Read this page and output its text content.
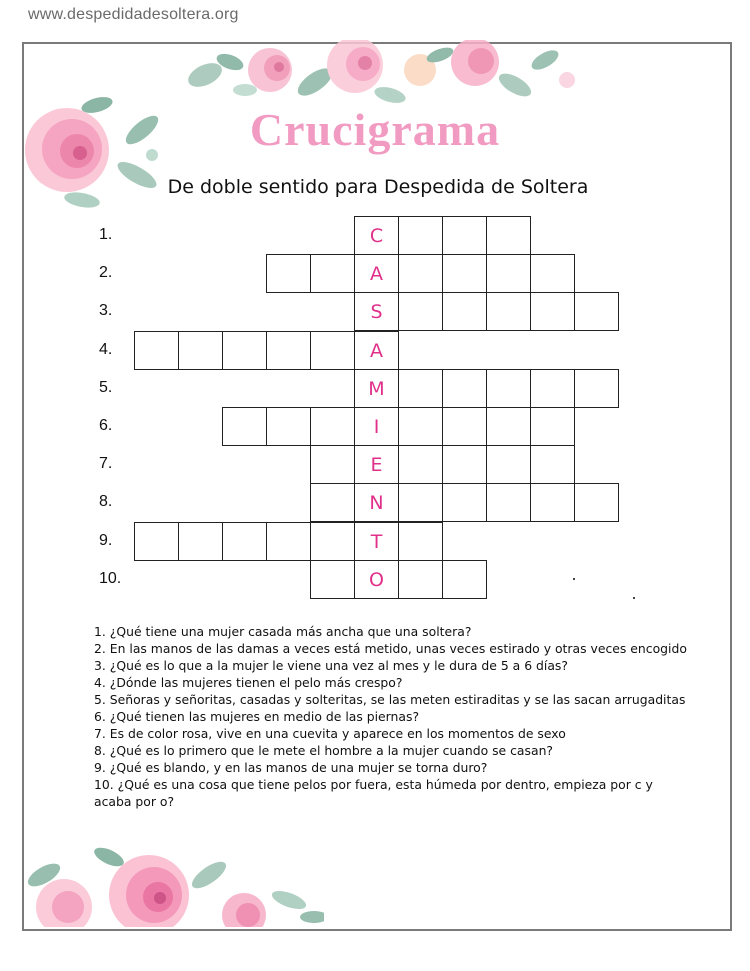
www.despedidadesoltera.org
Crucigrama
De doble sentido para Despedida de Soltera
1.	C
2.	A
3.	S
4.	A
5.	M
6.	I
7.	E
8.	N
9.	T
10.	O

1. ¿Qué tiene una mujer casada más ancha que una soltera?

2. En las manos de las damas a veces está metido, unas veces estirado y otras veces encogido

3. ¿Qué es lo que a la mujer le viene una vez al mes y le dura de 5 a 6 días?

4. ¿Dónde las mujeres tienen el pelo más crespo?

5. Señoras y señoritas, casadas y solteritas, se las meten estiraditas y se las sacan arrugaditas

6. ¿Qué tienen las mujeres en medio de las piernas?

7. Es de color rosa, vive en una cuevita y aparece en los momentos de sexo

8. ¿Qué es lo primero que le mete el hombre a la mujer cuando se casan?

9. ¿Qué es blando, y en las manos de una mujer se torna duro?

10. ¿Qué es una cosa que tiene pelos por fuera, esta húmeda por dentro, empieza por c y acaba por o?
